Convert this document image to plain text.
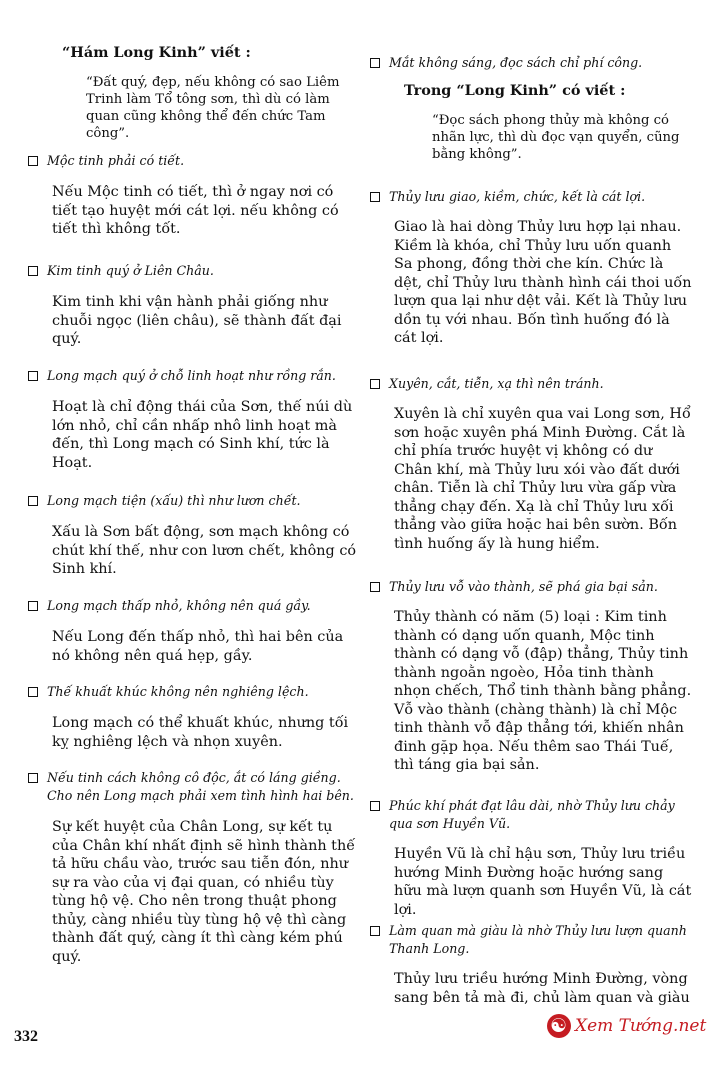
“Hám Long Kinh” viết :

“Đất quý, đẹp, nếu không có sao Liêm Trinh làm Tổ tông sơn, thì dù có làm quan cũng không thể đến chức Tam công”.

Mộc tinh phải có tiết.

Nếu Mộc tinh có tiết, thì ở ngay nơi có tiết tạo huyệt mới cát lợi. nếu không có tiết thì không tốt.

Kim tinh quý ở Liên Châu.

Kim tinh khi vận hành phải giống như chuỗi ngọc (liên châu), sẽ thành đất đại quý.

Long mạch quý ở chỗ linh hoạt như rồng rắn.

Hoạt là chỉ động thái của Sơn, thế núi dù lớn nhỏ, chỉ cần nhấp nhô linh hoạt mà đến, thì Long mạch có Sinh khí, tức là Hoạt.

Long mạch tiện (xấu) thì như lươn chết.

Xấu là Sơn bất động, sơn mạch không có chút khí thế, như con lươn chết, không có Sinh khí.

Long mạch thấp nhỏ, không nên quá gầy.

Nếu Long đến thấp nhỏ, thì hai bên của nó không nên quá hẹp, gầy.

Thế khuất khúc không nên nghiêng lệch.

Long mạch có thể khuất khúc, nhưng tối kỵ nghiêng lệch và nhọn xuyên.

Nếu tinh cách không cô độc, ắt có láng giềng. Cho nên Long mạch phải xem tình hình hai bên.

Sự kết huyệt của Chân Long, sự kết tụ của Chân khí nhất định sẽ hình thành thế tả hữu chầu vào, trước sau tiễn đón, như sự ra vào của vị đại quan, có nhiều tùy tùng hộ vệ. Cho nên trong thuật phong thủy, càng nhiều tùy tùng hộ vệ thì càng thành đất quý, càng ít thì càng kém phú quý.

Mắt không sáng, đọc sách chỉ phí công.

Trong “Long Kinh” có viết :

“Đọc sách phong thủy mà không có nhãn lực, thì dù đọc vạn quyển, cũng bằng không”.

Thủy lưu giao, kiềm, chức, kết là cát lợi.

Giao là hai dòng Thủy lưu hợp lại nhau. Kiềm là khóa, chỉ Thủy lưu uốn quanh Sa phong, đồng thời che kín. Chức là dệt, chỉ Thủy lưu thành hình cái thoi uốn lượn qua lại như dệt vải. Kết là Thủy lưu dồn tụ với nhau. Bốn tình huống đó là cát lợi.

Xuyên, cắt, tiễn, xạ thì nên tránh.

Xuyên là chỉ xuyên qua vai Long sơn, Hổ sơn hoặc xuyên phá Minh Đường. Cắt là chỉ phía trước huyệt vị không có dư Chân khí, mà Thủy lưu xói vào đất dưới chân. Tiễn là chỉ Thủy lưu vừa gấp vừa thẳng chạy đến. Xạ là chỉ Thủy lưu xối thẳng vào giữa hoặc hai bên sườn. Bốn tình huống ấy là hung hiểm.

Thủy lưu vỗ vào thành, sẽ phá gia bại sản.

Thủy thành có năm (5) loại : Kim tinh thành có dạng uốn quanh, Mộc tinh thành có dạng vỗ (đập) thẳng, Thủy tinh thành ngoằn ngoèo, Hỏa tinh thành nhọn chếch, Thổ tinh thành bằng phẳng. Vỗ vào thành (chàng thành) là chỉ Mộc tinh thành vỗ đập thẳng tới, khiến nhân đinh gặp họa. Nếu thêm sao Thái Tuế, thì táng gia bại sản.

Phúc khí phát đạt lâu dài, nhờ Thủy lưu chảy qua sơn Huyền Vũ.

Huyền Vũ là chỉ hậu sơn, Thủy lưu triều hướng Minh Đường hoặc hướng sang hữu mà lượn quanh sơn Huyền Vũ, là cát lợi.

Làm quan mà giàu là nhờ Thủy lưu lượn quanh Thanh Long.

Thủy lưu triều hướng Minh Đường, vòng sang bên tả mà đi, chủ làm quan và giàu

332
☯
Xem Tướng.net
